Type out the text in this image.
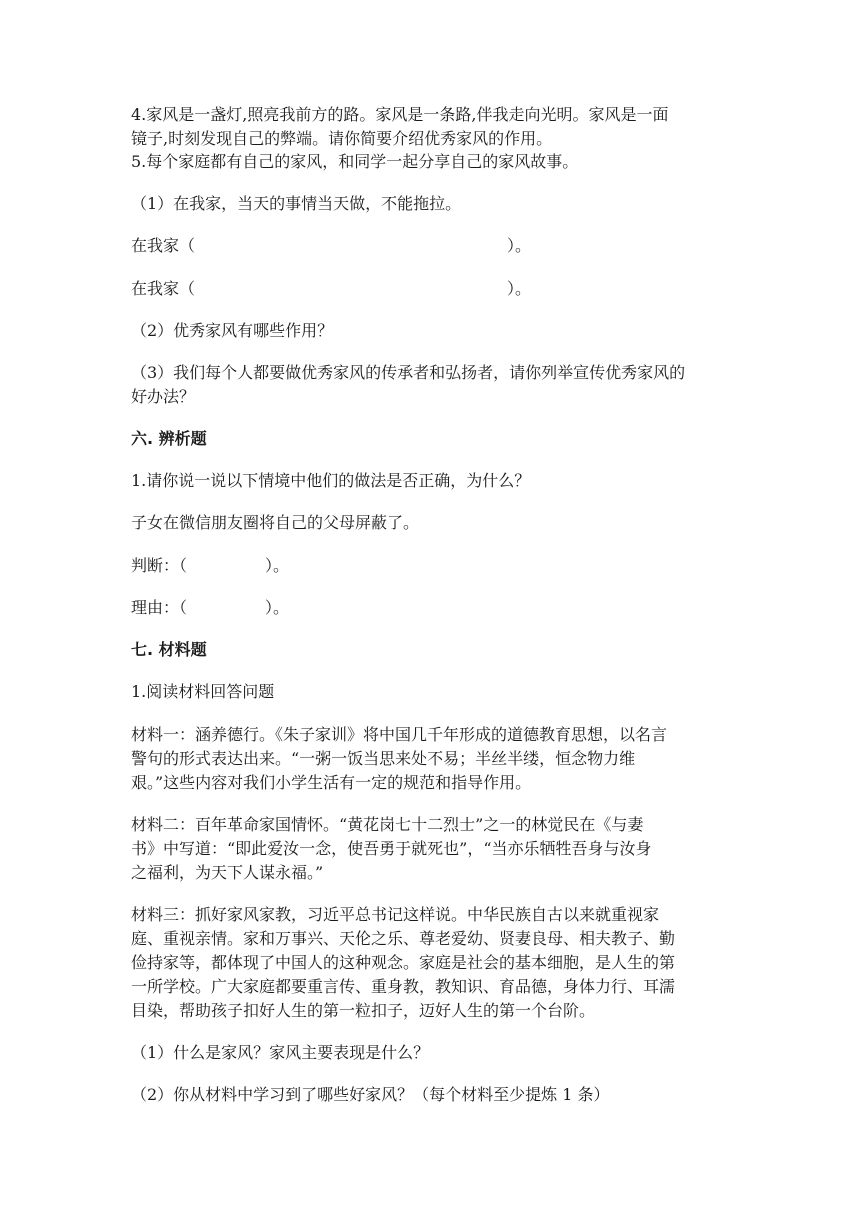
4.家风是一盏灯,照亮我前方的路。家风是一条路,伴我走向光明。家风是一面
镜子,时刻发现自己的弊端。请你简要介绍优秀家风的作用。
5.每个家庭都有自己的家风，和同学一起分享自己的家风故事。
（1）在我家，当天的事情当天做，不能拖拉。
在我家（	）。
在我家（	）。
（2）优秀家风有哪些作用？
（3）我们每个人都要做优秀家风的传承者和弘扬者，请你列举宣传优秀家风的
好办法？
六. 辨析题
1.请你说一说以下情境中他们的做法是否正确，为什么？
子女在微信朋友圈将自己的父母屏蔽了。
判断：（	）。
理由：（	）。
七. 材料题
1.阅读材料回答问题
材料一：涵养德行。《朱子家训》将中国几千年形成的道德教育思想，以名言
警句的形式表达出来。“一粥一饭当思来处不易；半丝半缕，恒念物力维
艰。”这些内容对我们小学生活有一定的规范和指导作用。
材料二：百年革命家国情怀。“黄花岗七十二烈士”之一的林觉民在《与妻
书》中写道：“即此爱汝一念，使吾勇于就死也”，“当亦乐牺牲吾身与汝身
之福利，为天下人谋永福。”
材料三：抓好家风家教，习近平总书记这样说。中华民族自古以来就重视家
庭、重视亲情。家和万事兴、天伦之乐、尊老爱幼、贤妻良母、相夫教子、勤
俭持家等，都体现了中国人的这种观念。家庭是社会的基本细胞，是人生的第
一所学校。广大家庭都要重言传、重身教，教知识、育品德，身体力行、耳濡
目染，帮助孩子扣好人生的第一粒扣子，迈好人生的第一个台阶。
（1）什么是家风？家风主要表现是什么？
（2）你从材料中学习到了哪些好家风？（每个材料至少提炼 1 条）
